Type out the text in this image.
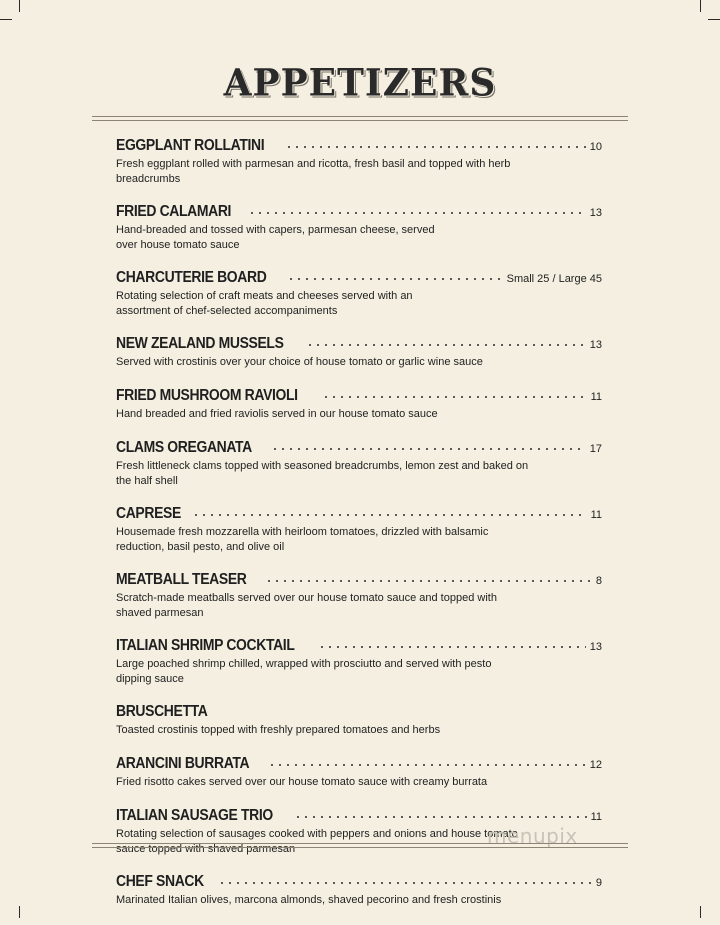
APPETIZERS
EGGPLANT ROLLATINI	10
Fresh eggplant rolled with parmesan and ricotta, fresh basil and topped with herb
breadcrumbs
FRIED CALAMARI	13
Hand-breaded and tossed with capers, parmesan cheese, served
over house tomato sauce
CHARCUTERIE BOARD	Small 25 / Large 45
Rotating selection of craft meats and cheeses served with an
assortment of chef-selected accompaniments
NEW ZEALAND MUSSELS	13
Served with crostinis over your choice of house tomato or garlic wine sauce
FRIED MUSHROOM RAVIOLI	11
Hand breaded and fried raviolis served in our house tomato sauce
CLAMS OREGANATA	17
Fresh littleneck clams topped with seasoned breadcrumbs, lemon zest and baked on
the half shell
CAPRESE	11
Housemade fresh mozzarella with heirloom tomatoes, drizzled with balsamic
reduction, basil pesto, and olive oil
MEATBALL TEASER	8
Scratch-made meatballs served over our house tomato sauce and topped with
shaved parmesan
ITALIAN SHRIMP COCKTAIL	13
Large poached shrimp chilled, wrapped with prosciutto and served with pesto
dipping sauce
BRUSCHETTA
Toasted crostinis topped with freshly prepared tomatoes and herbs
ARANCINI BURRATA	12
Fried risotto cakes served over our house tomato sauce with creamy burrata
ITALIAN SAUSAGE TRIO	11
Rotating selection of sausages cooked with peppers and onions and house tomato
sauce topped with shaved parmesan
CHEF SNACK	9
Marinated Italian olives, marcona almonds, shaved pecorino and fresh crostinis
menupix
